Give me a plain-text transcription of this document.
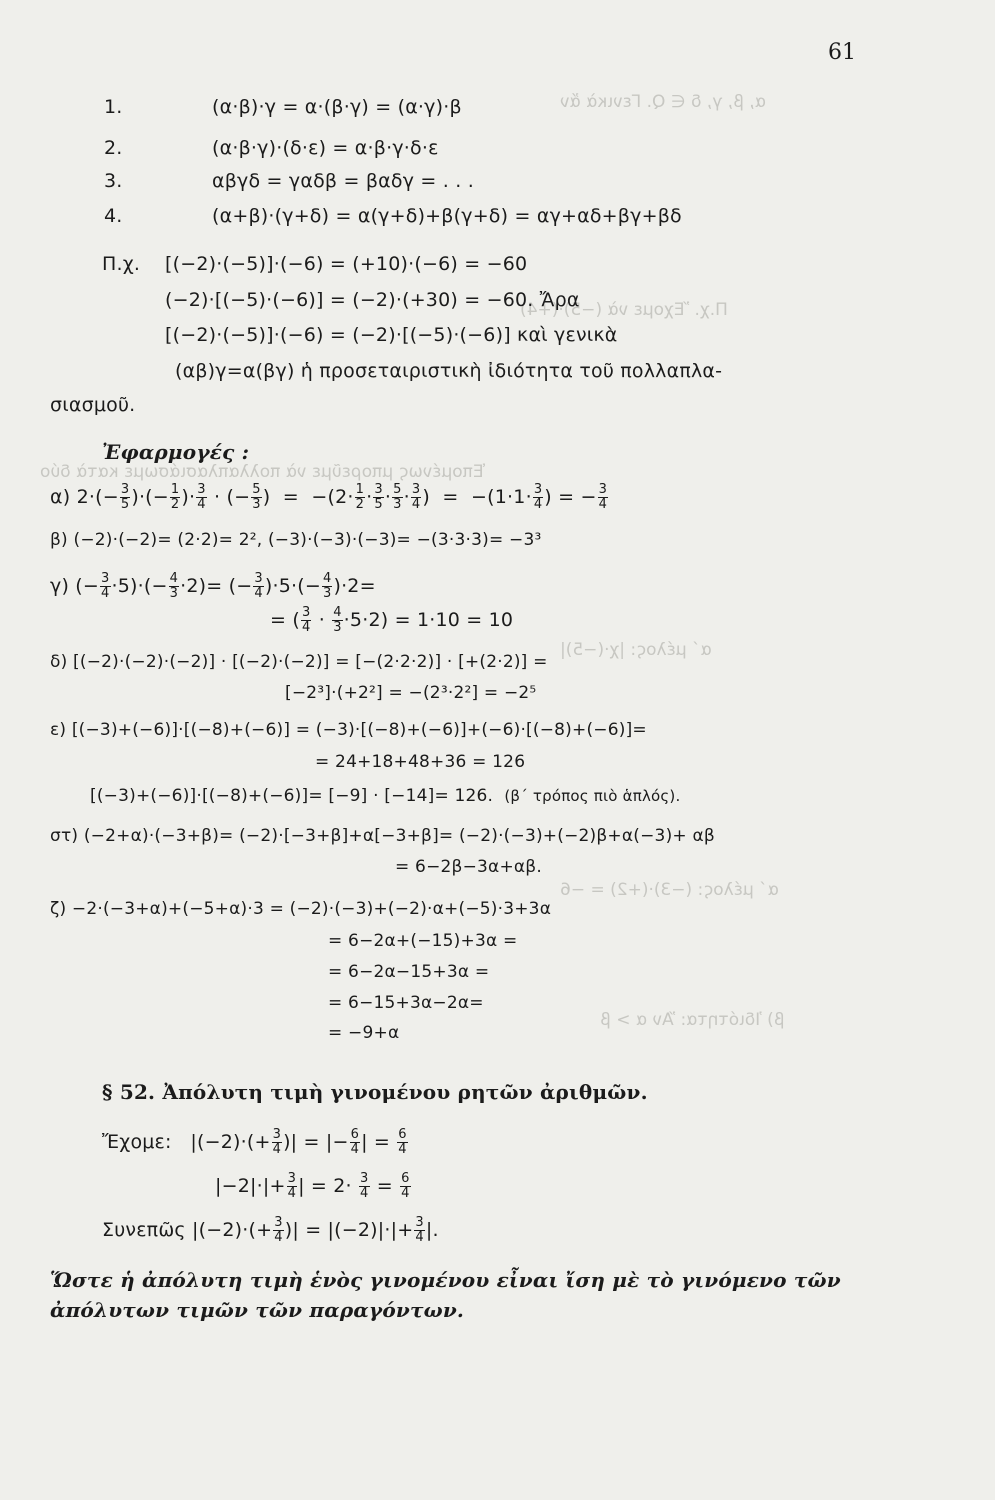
α, β, γ, δ ∈ Q. Γενικὰ ἄν
Π.χ. Ἔχομε νὰ (−5)·(+4)
Ἑπομένως μπορεῦμε νὰ πολλαπλασιάσωμε κατὰ δύο
α΄ μέλος: |χ·(−5)|
α΄ μέλος: (−3)·(+2) = −6
β) Ἰδιότητα: Ἄν α > β
61
1.	(α·β)·γ = α·(β·γ) = (α·γ)·β
2.	(α·β·γ)·(δ·ε) = α·β·γ·δ·ε
3.	αβγδ = γαδβ = βαδγ = . . .
4.	(α+β)·(γ+δ) = α(γ+δ)+β(γ+δ) = αγ+αδ+βγ+βδ
Π.χ. [(−2)·(−5)]·(−6) = (+10)·(−6) = −60
(−2)·[(−5)·(−6)] = (−2)·(+30) = −60. Ἄρα
[(−2)·(−5)]·(−6) = (−2)·[(−5)·(−6)] καὶ γενικὰ
(αβ)γ=α(βγ) ἡ προσεταιριστικὴ ἰδιότητα τοῦ πολλαπλα-
σιασμοῦ.
Ἐφαρμογές :
α) $2\cdot(- \frac{3}{5}$ )·(− $\frac{1}{2}$ )· $\frac{3}{4}$ · (− $\frac{5}{3}$ )  =  $-(2\cdot \frac{1}{2} \cdot \frac{3}{5} \cdot \frac{5}{3} \cdot \frac{3}{4}$ )  =  $-(1\cdot 1\cdot \frac{3}{4}$ ) = − $\frac{3}{4}$
β) (−2)·(−2)= (2·2)= 2², (−3)·(−3)·(−3)= −(3·3·3)= −3³
γ) (− $\frac{3}{4} \cdot 5)\cdot(- \frac{4}{3} \cdot 2)=$ (− $\frac{3}{4} )\cdot 5\cdot(- \frac{4}{3} )\cdot 2=$
= ( $\frac{3}{4} \cdot \frac{4}{3} \cdot 5\cdot 2) = 1\cdot 10 = 10$
δ) [(−2)·(−2)·(−2)] · [(−2)·(−2)] = [−(2·2·2)] · [+(2·2)] =
[−2³]·(+2²] = −(2³·2²] = −2⁵
ε) [(−3)+(−6)]·[(−8)+(−6)] = (−3)·[(−8)+(−6)]+(−6)·[(−8)+(−6)]=
= 24+18+48+36 = 126
[(−3)+(−6)]·[(−8)+(−6)]= [−9] · [−14]= 126. (β΄ τρόπος πιὸ ἁπλός).
στ) (−2+α)·(−3+β)= (−2)·[−3+β]+α[−3+β]= (−2)·(−3)+(−2)β+α(−3)+ αβ
= 6−2β−3α+αβ.
ζ) −2·(−3+α)+(−5+α)·3 = (−2)·(−3)+(−2)·α+(−5)·3+3α
= 6−2α+(−15)+3α =
= 6−2α−15+3α =
= 6−15+3α−2α=
= −9+α
§ 52. Ἀπόλυτη τιμὴ γινομένου ρητῶν ἀριθμῶν.
Ἔχομε:   $|(-2)\cdot(+ \frac{3}{4}$ )| = |− $\frac{6}{4}$ | = $\frac{6}{4}$
$|-2|\cdot|+ \frac{3}{4}$ | = $2\cdot \frac{3}{4} = \frac{6}{4}$
Συνεπῶς $|(-2)\cdot(+ \frac{3}{4}$ )| = $|(-2)|\cdot|+ \frac{3}{4}$ |.
Ὥστε ἡ ἀπόλυτη τιμὴ ἑνὸς γινομένου εἶναι ἴση μὲ τὸ γινόμενο τῶν
ἀπόλυτων τιμῶν τῶν παραγόντων.
